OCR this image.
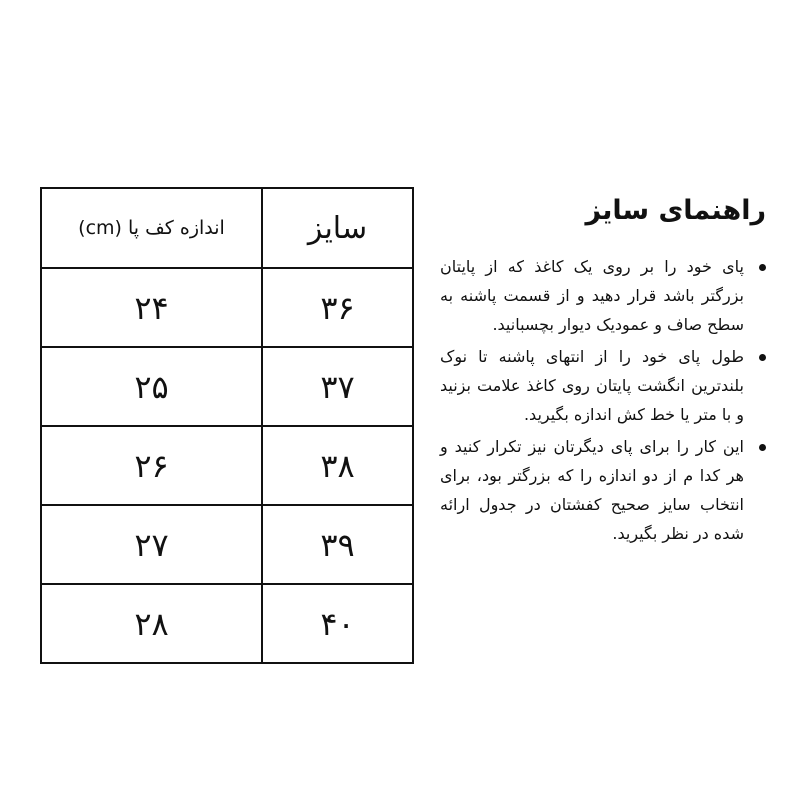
اندازه کف پا (cm)	سایز
۲۴	۳۶
۲۵	۳۷
۲۶	۳۸
۲۷	۳۹
۲۸	۴۰
راهنمای سایز
پای خود را بر روی یک کاغذ که از پایتان بزرگتر باشد قرار دهید و از قسمت پاشنه به سطح صاف و عمودیک دیوار بچسبانید.
طول پای خود را از انتهای پاشنه تا نوک بلندترین انگشت پایتان روی کاغذ علامت بزنید و با متر یا خط کش اندازه بگیرید.
این کار را برای پای دیگرتان نیز تکرار کنید و هر کدا م از دو اندازه را که بزرگتر بود، برای انتخاب سایز صحیح کفشتان در جدول ارائه شده در نظر بگیرید.
